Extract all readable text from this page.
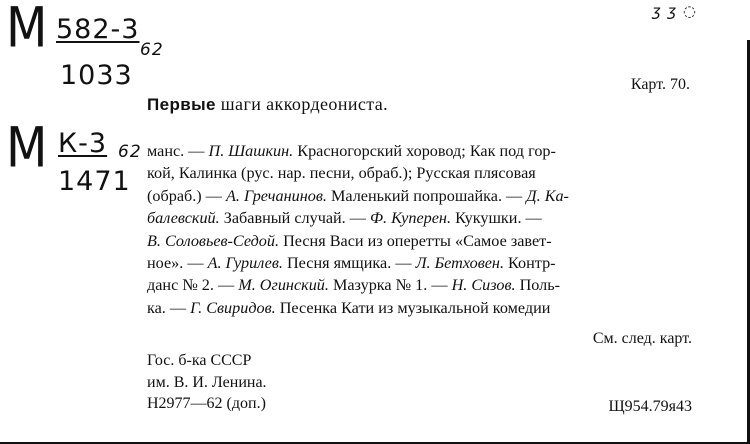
М 582-3
1033
62
М К-3
1471
62
ʒ ʒ ◌
Карт. 70.
Первые шаги аккордеониста.
манс. — П. Шашкин. Красногорский хоровод; Как под гор-
кой, Калинка (рус. нар. песни, обраб.); Русская плясовая
(обраб.) — А. Гречанинов. Маленький попрошайка. — Д. Ка-
балевский. Забавный случай. — Ф. Куперен. Кукушки. —
В. Соловьев-Седой. Песня Васи из оперетты «Самое завет-
ное». — А. Гурилев. Песня ямщика. — Л. Бетховен. Контр-
данс № 2. — М. Огинский. Мазурка № 1. — Н. Сизов. Поль-
ка. — Г. Свиридов. Песенка Кати из музыкальной комедии
См. след. карт.
Гос. б-ка СССР
им. В. И. Ленина.
Н2977—62 (доп.)	Щ954.79я43
